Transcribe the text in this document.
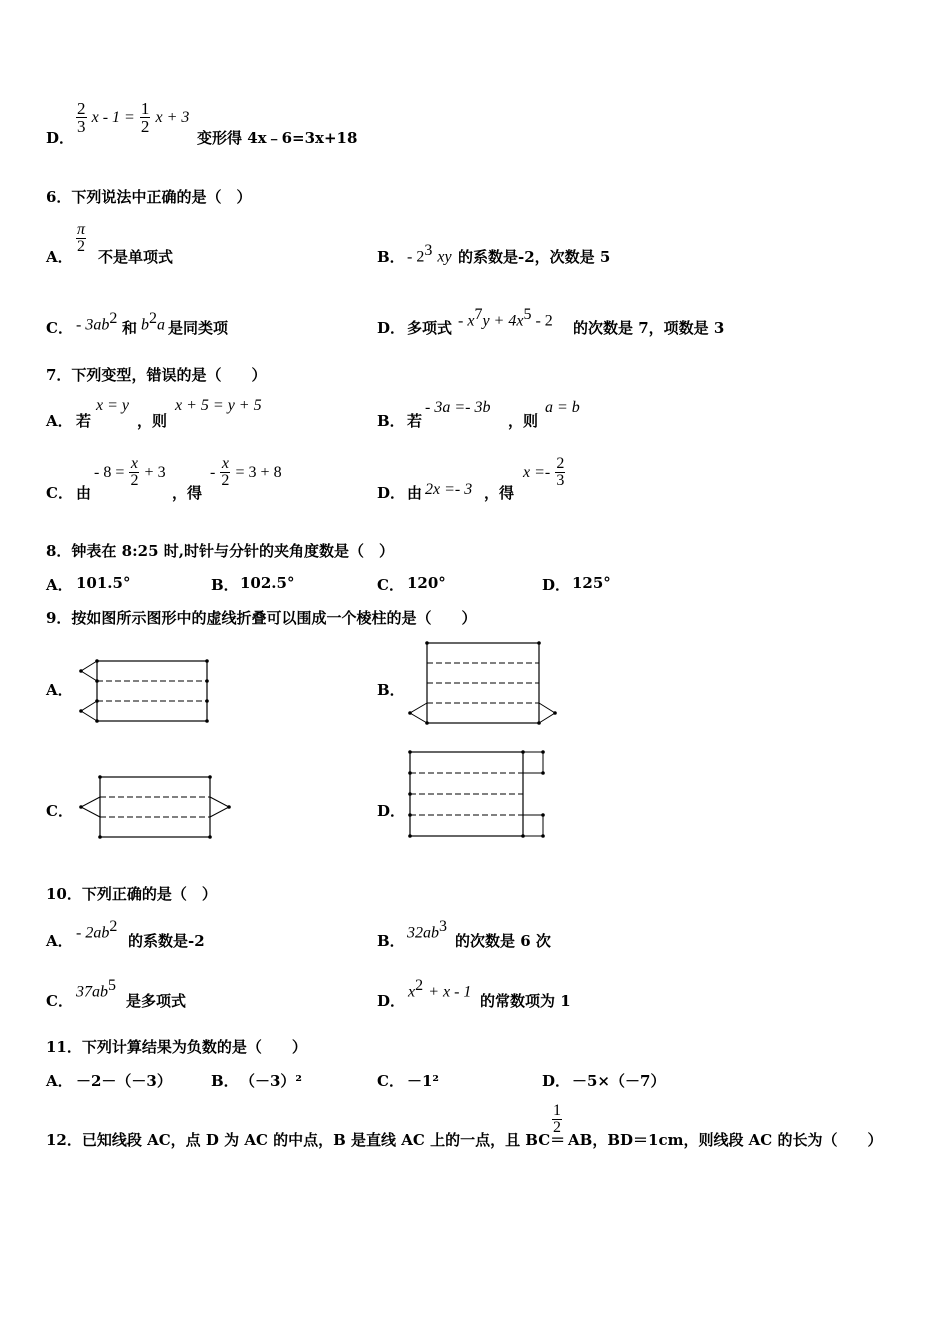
D．
$\frac{2}{3}$ $x - 1 = \frac{1}{2}$ x + 3
变形得 4x﹣6=3x+18
6．下列说法中正确的是（　）
A．
$\frac{\pi}{2}$
不是单项式	B． - $2^3$ xy 的系数是-2，次数是 5
C． - $3ab^2$
和 $b^2a$ 是同类项	D． 多项式 - $x^7y + 4x^5 - 2$ 的次数是 7，项数是 3
7．下列变型，错误的是（　　）
A． 若
x = y
，则
x + 5 = y + 5
B． 若
- 3a =- 3b
，则
a = b
C． 由
- $8 = \frac{x}{2} + 3$
，得
- $\frac{x}{2} = 3 + 8$
D． 由 2x =- 3 ，得
$x =- \frac{2}{3}$
8．钟表在 8:25 时,时针与分针的夹角度数是（　）
A． 101.5°	B． 102.5°	C． 120°	D． 125°
9．按如图所示图形中的虚线折叠可以围成一个棱柱的是（　　）
A．	B．
C．	D．
10．下列正确的是（　）
A． - $2ab^2$
的系数是-2	B． $32ab^3$
的次数是 6 次
C．
$37ab^5$
是多项式	D．
$x^2 + x - 1$
的常数项为 1
11．下列计算结果为负数的是（　　）
A． －2－（－3）	B． （－3）²	C． －1²	D． －5×（－7）
12．已知线段 AC，点 D 为 AC 的中点，B 是直线 AC 上的一点，且 BC＝
$\frac{1}{2}$
AB，BD＝1cm，则线段 AC 的长为（　　）
